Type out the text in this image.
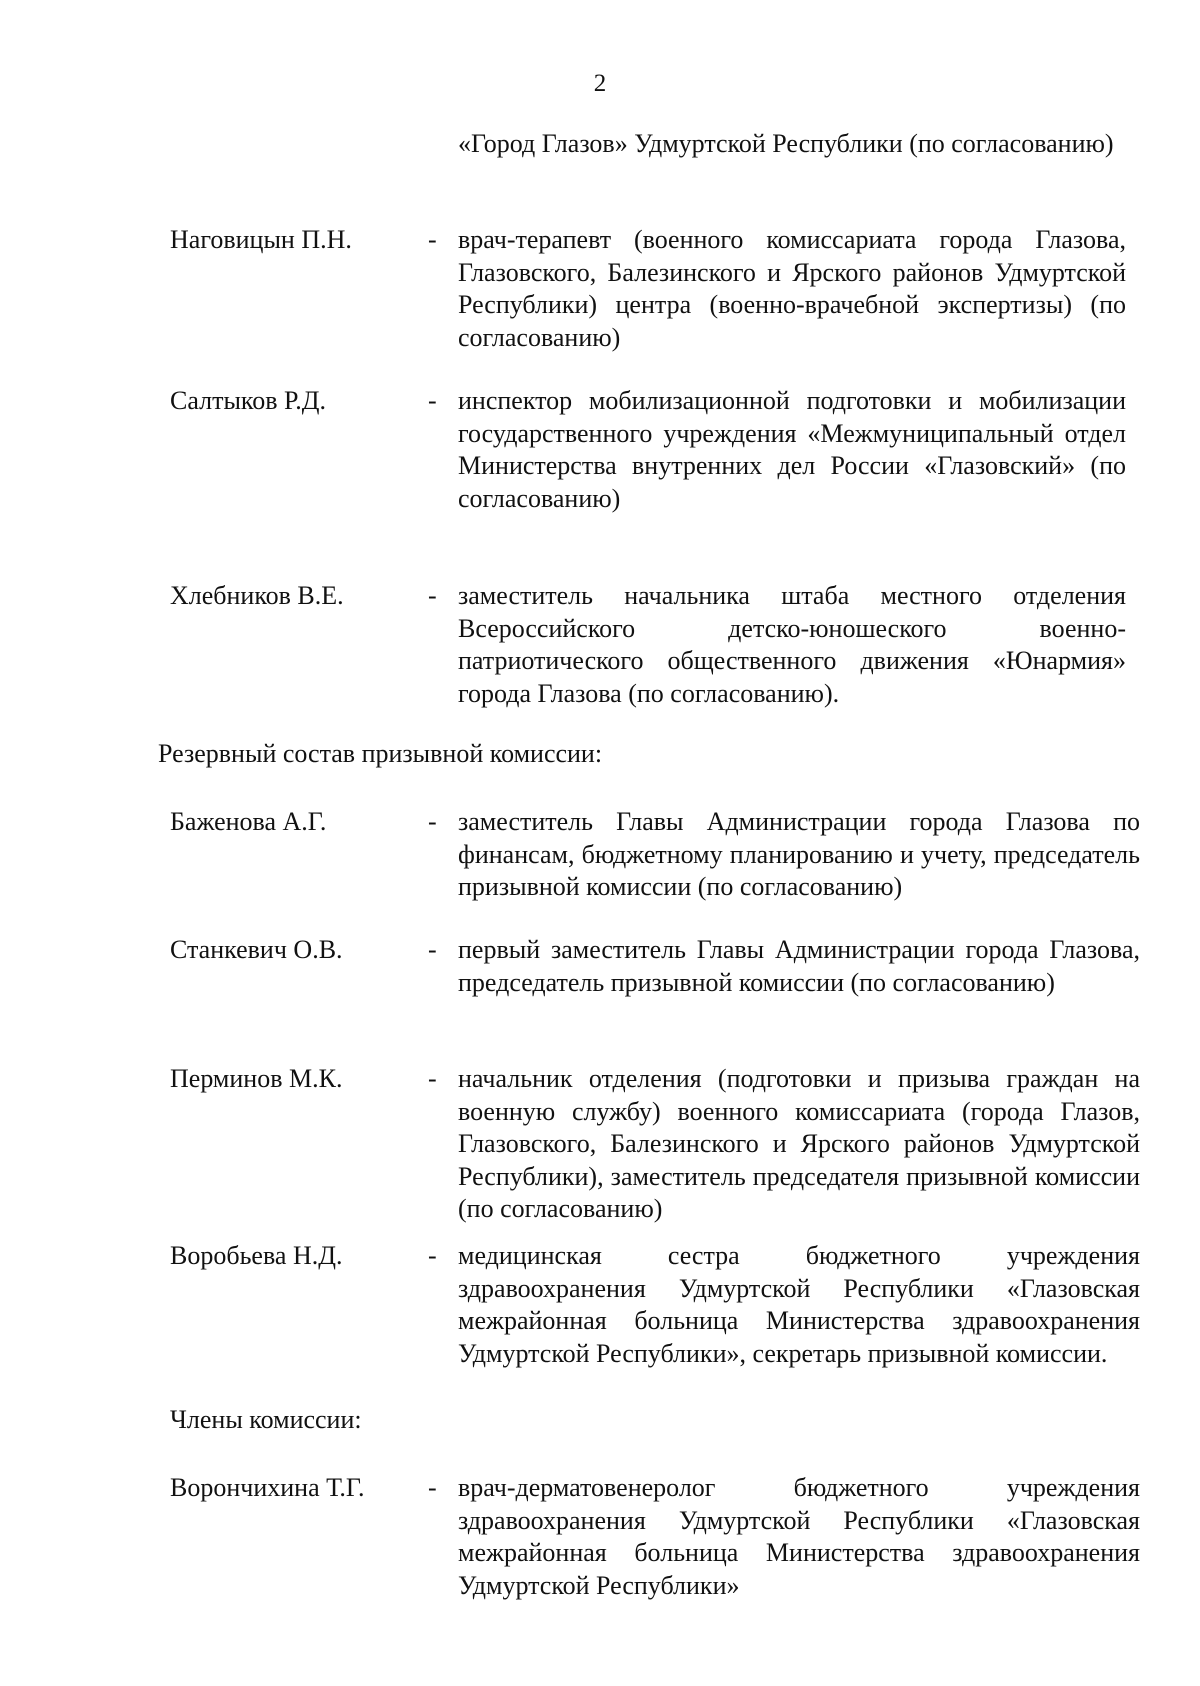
2
«Город Глазов» Удмуртской Республики (по согласованию)
Наговицын П.Н.	- врач-терапевт (военного комиссариата города Глазова, Глазовского, Балезинского и Ярского районов Удмуртской Республики) центра (военно-врачебной экспертизы) (по согласованию)
Салтыков Р.Д.	- инспектор мобилизационной подготовки и мобилизации государственного учреждения «Межмуниципальный отдел Министерства внутренних дел России «Глазовский» (по согласованию)
Хлебников В.Е.	- заместитель начальника штаба местного отделения Всероссийского детско-юношеского военно-патриотического общественного движения «Юнармия» города Глазова (по согласованию).
Резервный состав призывной комиссии:
Баженова А.Г.	- заместитель Главы Администрации города Глазова по финансам, бюджетному планированию и учету, председатель призывной комиссии (по согласованию)
Станкевич О.В.	- первый заместитель Главы Администрации города Глазова, председатель призывной комиссии (по согласованию)
Перминов М.К.	- начальник отделения (подготовки и призыва граждан на военную службу) военного комиссариата (города Глазов, Глазовского, Балезинского и Ярского районов Удмуртской Республики), заместитель председателя призывной комиссии (по согласованию)
Воробьева Н.Д.	- медицинская сестра бюджетного учреждения здравоохранения Удмуртской Республики «Глазовская межрайонная больница Министерства здравоохранения Удмуртской Республики», секретарь призывной комиссии.
Члены комиссии:
Ворончихина Т.Г. - врач-дерматовенеролог бюджетного учреждения здравоохранения Удмуртской Республики «Глазовская межрайонная больница Министерства здравоохранения Удмуртской Республики»
